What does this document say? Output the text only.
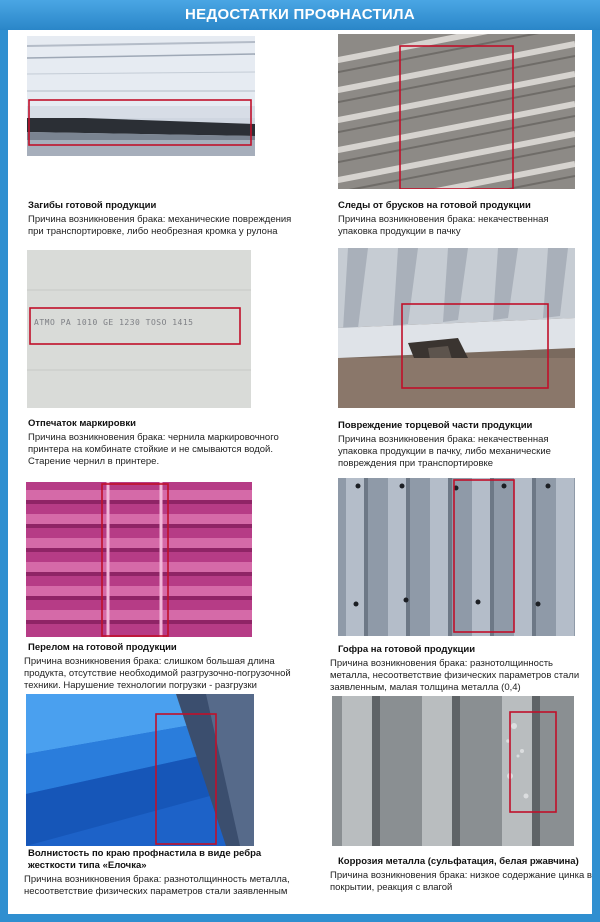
НЕДОСТАТКИ ПРОФНАСТИЛА
Загибы готовой продукции
Причина возникновения брака: механические повреждения при транспортировке, либо необрезная кромка у рулона
Следы от брусков на готовой продукции
Причина возникновения брака: некачественная упаковка продукции в пачку
ATMO PA 1010 GE 1230 TOSO 1415
Отпечаток маркировки
Причина возникновения брака: чернила маркировочного принтера на комбинате стойкие и не смываются водой. Старение чернил в принтере.
Повреждение торцевой части продукции
Причина возникновения брака: некачественная упаковка продукции в пачку, либо механические повреждения при транспортировке
Перелом на готовой продукции
Причина возникновения брака: слишком большая длина продукта, отсутствие необходимой разгрузочно-погрузочной техники. Нарушение технологии погрузки - разгрузки
Гофра на готовой продукции
Причина возникновения брака: разнотолщинность металла, несоответствие физических параметров стали заявленным, малая толщина металла (0,4)
Волнистость по краю профнастила в виде ребра жесткости типа «Елочка»
Причина возникновения брака: разнотолщинность металла, несоответствие физических параметров стали заявленным
Коррозия металла (сульфатация, белая ржавчина)
Причина возникновения брака: низкое содержание цинка в покрытии, реакция с влагой
